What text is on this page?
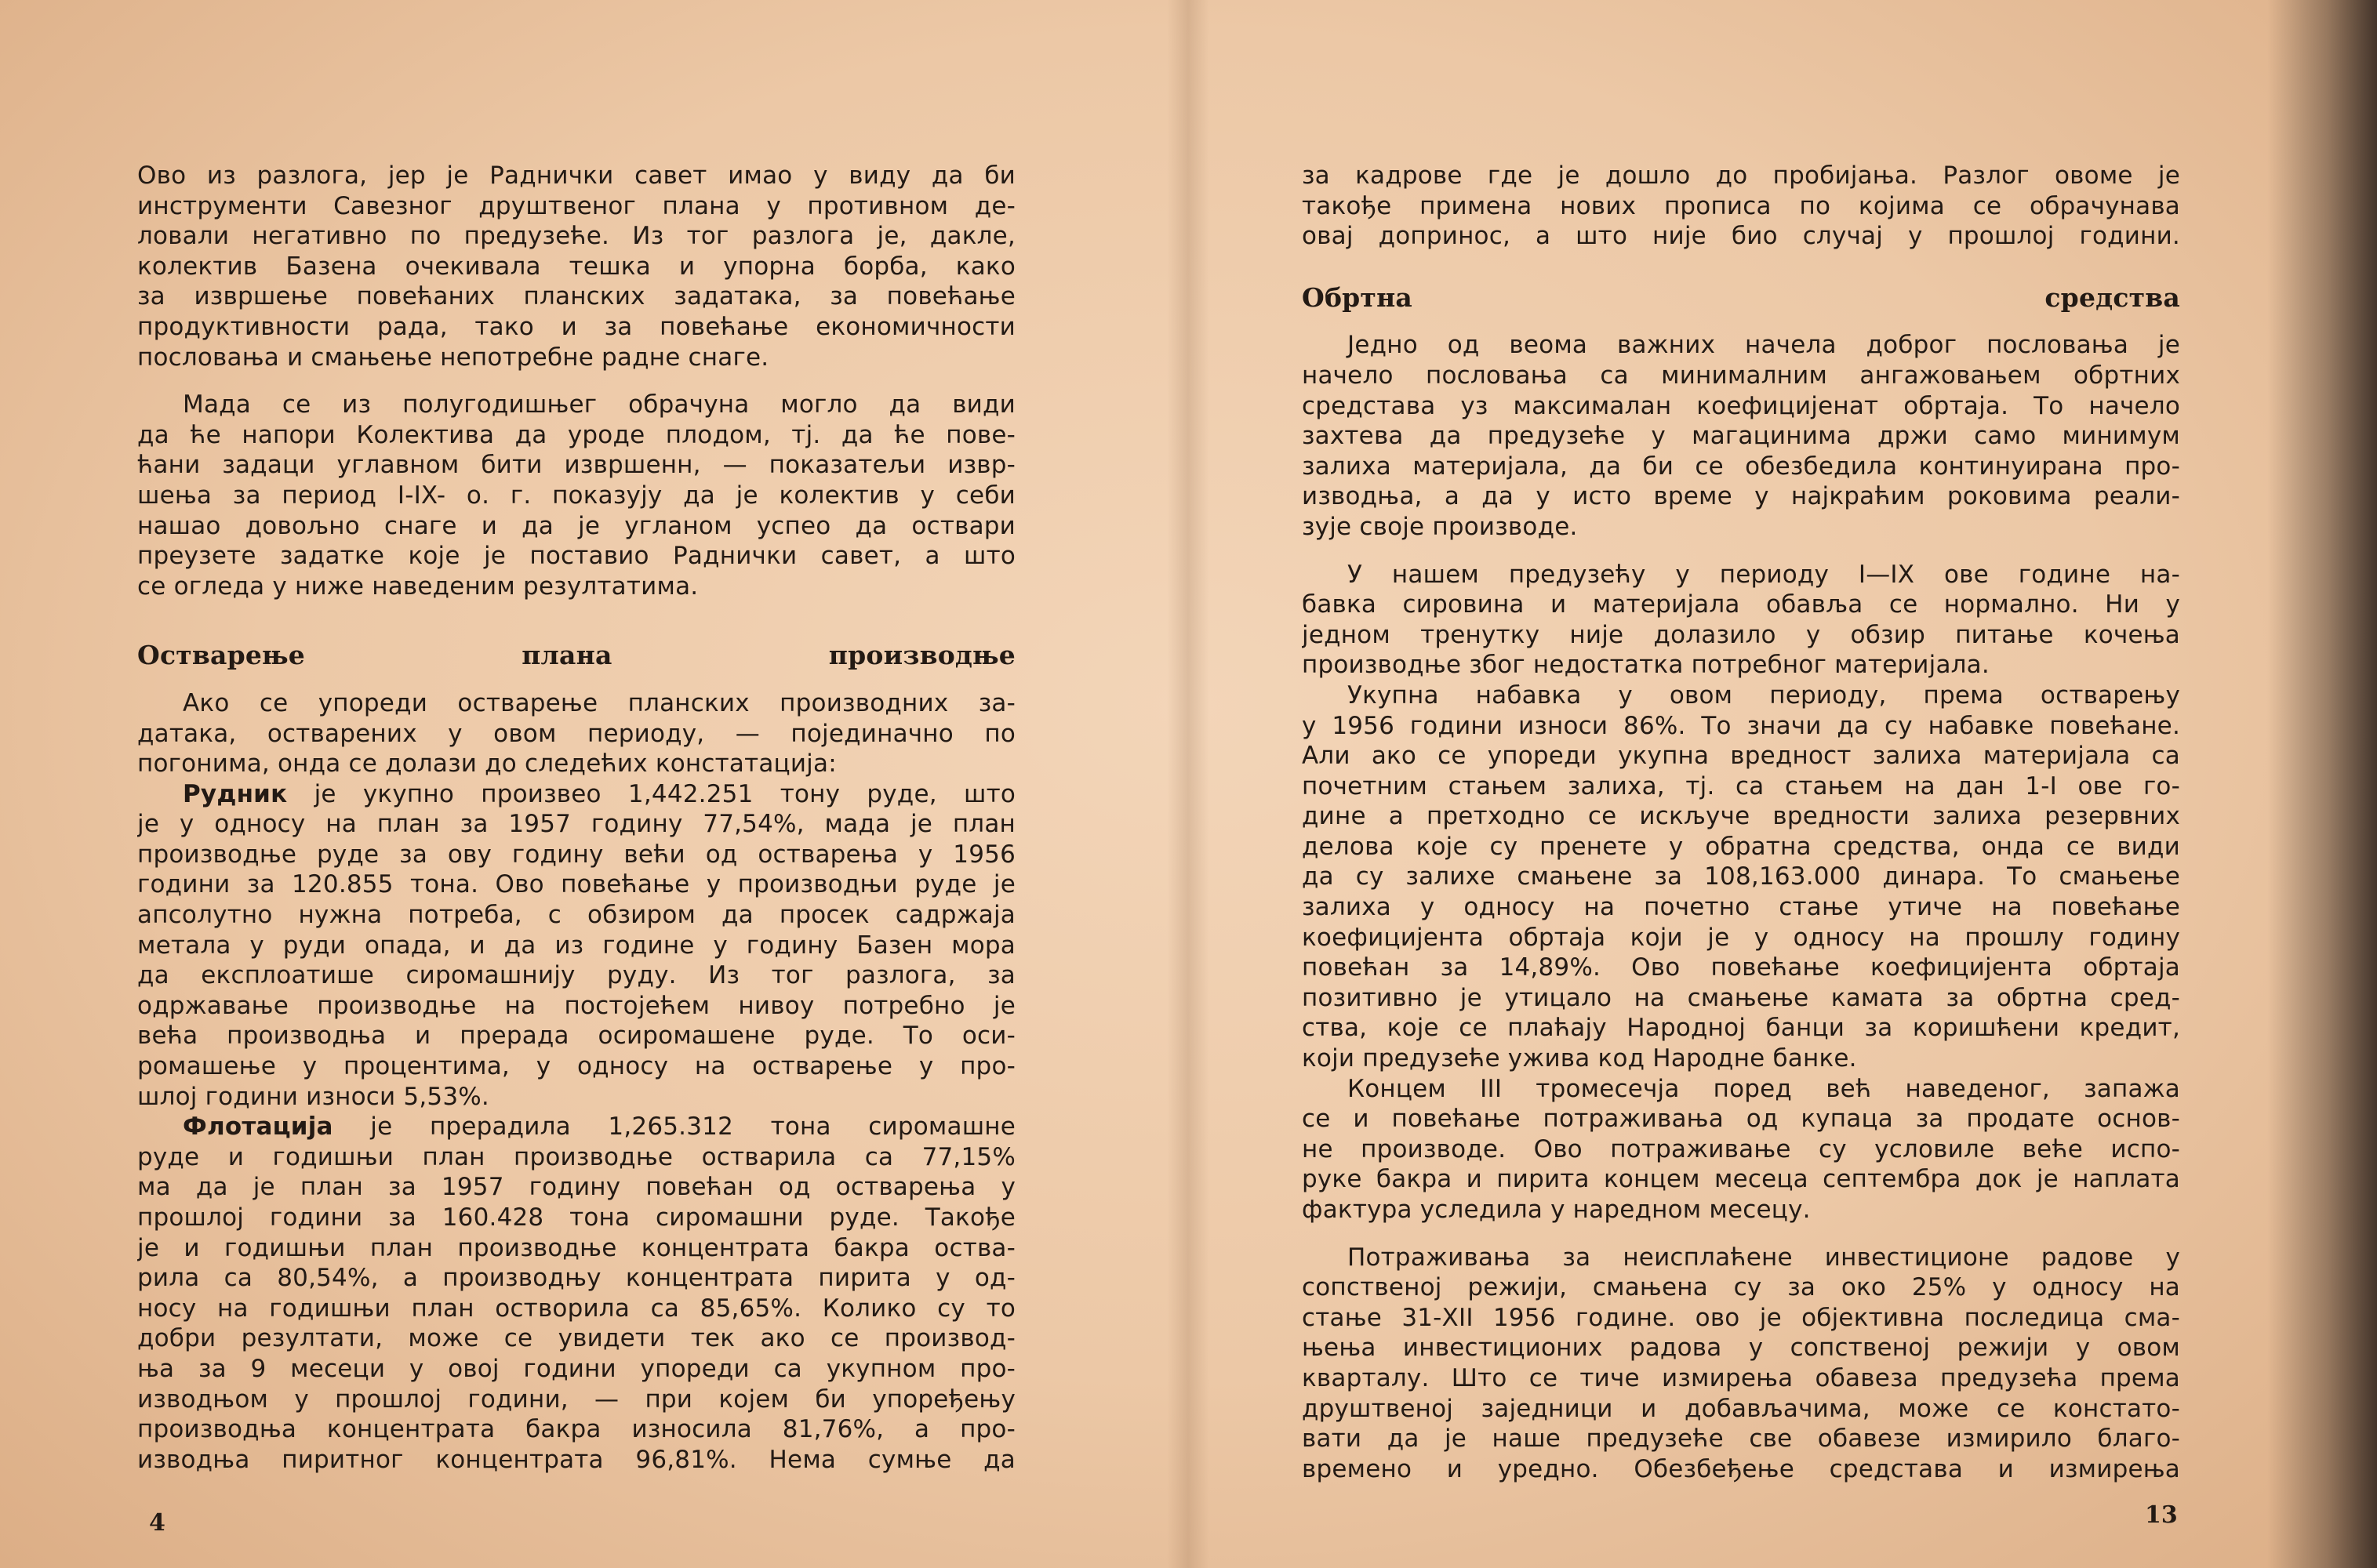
Ово из разлога, јер је Раднички савет имао у виду да би
инструменти Савезног друштвеног плана у противном де-
ловали негативно по предузеће. Из тог разлога је, дакле,
колектив Базена очекивала тешка и упорна борба, како
за извршење повећаних планских задатака, за повећање
продуктивности рада, тако и за повећање економичности
пословања и смањење непотребне радне снаге.
Мада се из полугодишњег обрачуна могло да види
да ће напори Колектива да уроде плодом, тј. да ће пове-
ћани задаци углавном бити извршенн, — показатељи извр-
шења за период I-IX- о. г. показују да је колектив у себи
нашао довољно снаге и да је угланом успео да оствари
преузете задатке које је поставио Раднички савет, а што
се огледа у ниже наведеним резултатима.
Остварење плана производње
Ако се упореди остварење планских производних за-
датака, остварених у овом периоду, — појединачно по
погонима, онда се долази до следећих констатација:
Рудник је укупно произвео 1,442.251 тону руде, што
је у односу на план за 1957 годину 77,54%, мада је план
производње руде за ову годину већи од остварења у 1956
години за 120.855 тона. Ово повећање у производњи руде је
апсолутно нужна потреба, с обзиром да просек садржаја
метала у руди опада, и да из године у годину Базен мора
да експлоатише сиромашнију руду. Из тог разлога, за
одржавање производње на постојећем нивоу потребно је
већа производња и прерада осиромашене руде. То оси-
ромашење у процентима, у односу на остварење у про-
шлој години износи 5,53%.
Флотација је прерадила 1,265.312 тона сиромашне
руде и годишњи план производње остварила са 77,15%
ма да је план за 1957 годину повећан од остварења у
прошлој години за 160.428 тона сиромашни руде. Такође
је и годишњи план производње концентрата бакра оства-
рила са 80,54%, а производњу концентрата пирита у од-
носу на годишњи план остворила са 85,65%. Колико су то
добри резултати, може се увидети тек ако се производ-
ња за 9 месеци у овој години упореди са укупном про-
изводњом у прошлој години, — при којем би упоређењу
производња концентрата бакра износила 81,76%, а про-
изводња пиритног концентрата 96,81%. Нема сумње да
за кадрове где је дошло до пробијања. Разлог овоме је
такође примена нових прописа по којима се обрачунава
овај допринос, а што није био случај у прошлој години.
Обртна средства
Једно од веома важних начела доброг пословања је
начело пословања са минималним ангажовањем обртних
средстава уз максималан коефицијенат обртаја. То начело
захтева да предузеће у магацинима држи само минимум
залиха материјала, да би се обезбедила континуирана про-
изводња, а да у исто време у најкраћим роковима реали-
зује своје производе.
У нашем предузећу у периоду I—IX ове године на-
бавка сировина и материјала обавља се нормално. Ни у
једном тренутку није долазило у обзир питање кочења
производње због недостатка потребног материјала.
Укупна набавка у овом периоду, према остварењу
у 1956 години износи 86%. То значи да су набавке повећане.
Али ако се упореди укупна вредност залиха материјала са
почетним стањем залиха, тј. са стањем на дан 1-I ове го-
дине а претходно се искључе вредности залиха резервних
делова које су пренете у обратна средства, онда се види
да су залихе смањене за 108,163.000 динара. То смањење
залиха у односу на почетно стање утиче на повећање
коефицијента обртаја који је у односу на прошлу годину
повећан за 14,89%. Ово повећање коефицијента обртаја
позитивно је утицало на смањење камата за обртна сред-
ства, које се плаћају Народној банци за коришћени кредит,
који предузеће ужива код Народне банке.
Концем III тромесечја поред већ наведеног, запажа
се и повећање потраживања од купаца за продате основ-
не производе. Ово потраживање су условиле веће испо-
руке бакра и пирита концем месеца септембра док је наплата
фактура уследила у наредном месецу.
Потраживања за неисплаћене инвестиционе радове у
сопственој режији, смањена су за око 25% у односу на
стање 31-XII 1956 године. ово је објективна последица сма-
њења инвестиционих радова у сопственој режији у овом
кварталу. Што се тиче измирења обавеза предузећа према
друштвеној заједници и добављачима, може се констато-
вати да је наше предузеће све обавезе измирило благо-
времено и уредно. Обезбеђење средстава и измирења
4	13
